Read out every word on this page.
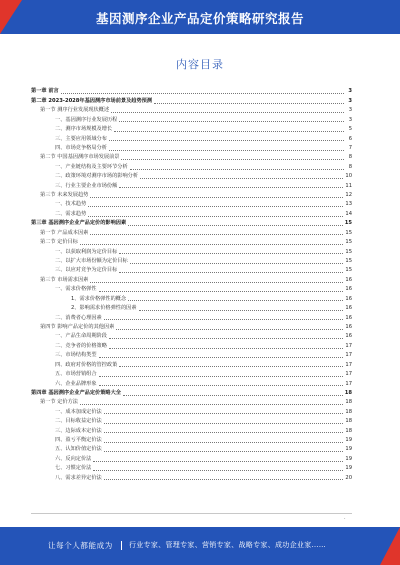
基因测序企业产品定价策略研究报告
内容目录
第一章 前言	3
第二章 2023-2028年基因测序市场前景及趋势预测	3
第一节 测序行业发展现状概述	3
一、基因测序行业发展历程	3
二、测序市场规模及增长	5
三、主要应用领域分布	6
四、市场竞争格局分析	7
第二节 中国基因测序市场发展前景	8
一、产业链结构及主要环节分析	8
二、政策环境对测序市场的影响分析	10
三、行业主要企业市场份额	11
第三节 未来发展趋势	12
一、技术趋势	13
二、需求趋势	14
第三章 基因测序企业产品定价的影响因素	15
第一节 产品成本因素	15
第二节 定价目标	15
一、以获取利润为定价目标	15
二、以扩大市场份额为定价目标	15
三、以应对竞争为定价目标	15
第三节 市场需求因素	16
一、需求价格弹性	16
1、需求价格弹性的概念	16
2、影响需求价格弹性的因素	16
二、消费者心理因素	16
第四节 影响产品定价的其他因素	16
一、产品生命周期阶段	16
二、竞争者的价格策略	17
三、市场结构类型	17
四、政府对价格的管控政策	17
五、市场营销组合	17
六、企业品牌形象	17
第四章 基因测序企业产品定价策略大全	18
第一节 定价方法	18
一、成本加成定价法	18
二、目标收益定价法	18
三、边际成本定价法	18
四、盈亏平衡定价法	19
五、认知价值定价法	19
六、反向定价法	19
七、习惯定价法	19
八、需求差异定价法	20
.
让每个人都能成为 行业专家、管理专家、营销专家、战略专家、成功企业家……
